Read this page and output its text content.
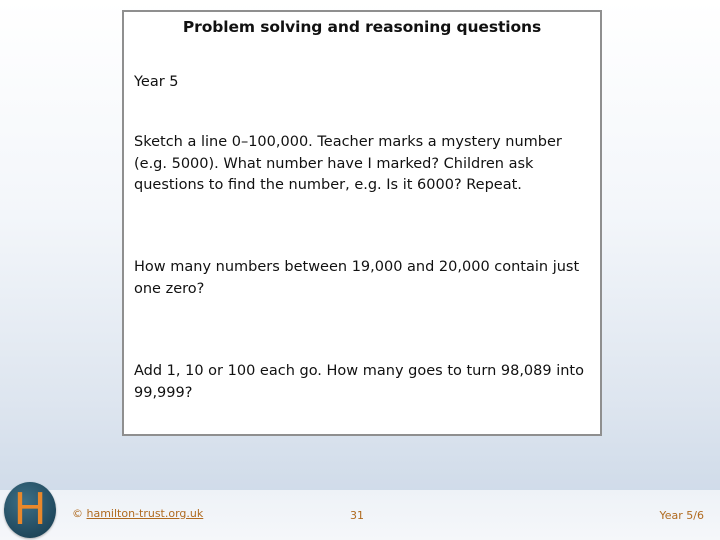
Problem solving and reasoning questions
Year 5
Sketch a line 0–100,000. Teacher marks a mystery number (e.g. 5000). What number have I marked? Children ask questions to find the number, e.g. Is it 6000? Repeat.
How many numbers between 19,000 and 20,000 contain just one zero?
Add 1, 10 or 100 each go. How many goes to turn 98,089 into 99,999?
H	© hamilton-trust.org.uk	31	Year 5/6
